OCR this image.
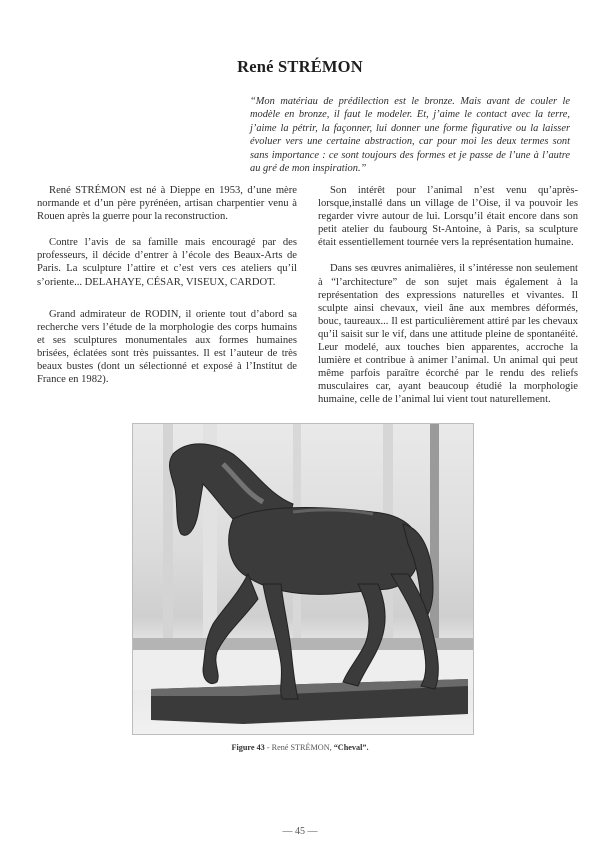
René STRÉMON
“Mon matériau de prédilection est le bronze. Mais avant de couler le modèle en bronze, il faut le modeler. Et, j’aime le contact avec la terre, j’aime la pétrir, la façonner, lui donner une forme figurative ou la laisser évoluer vers une certaine abstraction, car pour moi les deux termes sont sans importance : ce sont toujours des formes et je passe de l’une à l’autre au gré de mon inspiration.”

René STRÉMON est né à Dieppe en 1953, d’une mère normande et d’un père pyrénéen, artisan charpentier venu à Rouen après la guerre pour la reconstruction.

Contre l’avis de sa famille mais encouragé par des professeurs, il décide d’entrer à l’école des Beaux-Arts de Paris. La sculpture l’attire et c’est vers ces ateliers qu’il s’oriente... DELAHAYE, CÉSAR, VISEUX, CARDOT.

Grand admirateur de RODIN, il oriente tout d’abord sa recherche vers l’étude de la morphologie des corps humains et ses sculptures monumentales aux formes humaines brisées, éclatées sont très puissantes. Il est l’auteur de très beaux bustes (dont un sélectionné et exposé à l’Institut de France en 1982).

Son intérêt pour l’animal n’est venu qu’après-lorsque,installé dans un village de l’Oise, il va pouvoir les regarder vivre autour de lui. Lorsqu’il était encore dans son petit atelier du faubourg St-Antoine, à Paris, sa sculpture était essentiellement tournée vers la représentation humaine.

Dans ses œuvres animalières, il s’intéresse non seulement à “l’architecture” de son sujet mais également à la représentation des expressions naturelles et vivantes. Il sculpte ainsi chevaux, vieil âne aux membres déformés, bouc, taureaux... Il est particulièrement attiré par les chevaux qu’il saisit sur le vif, dans une attitude pleine de spontanéité. Leur modelé, aux touches bien apparentes, accroche la lumière et contribue à animer l’animal. Un animal qui peut même parfois paraître écorché par le rendu des reliefs musculaires car, ayant beaucoup étudié la morphologie humaine, celle de l’animal lui vient tout naturellement.

Figure 43 - René STRÉMON, “Cheval”.
— 45 —
